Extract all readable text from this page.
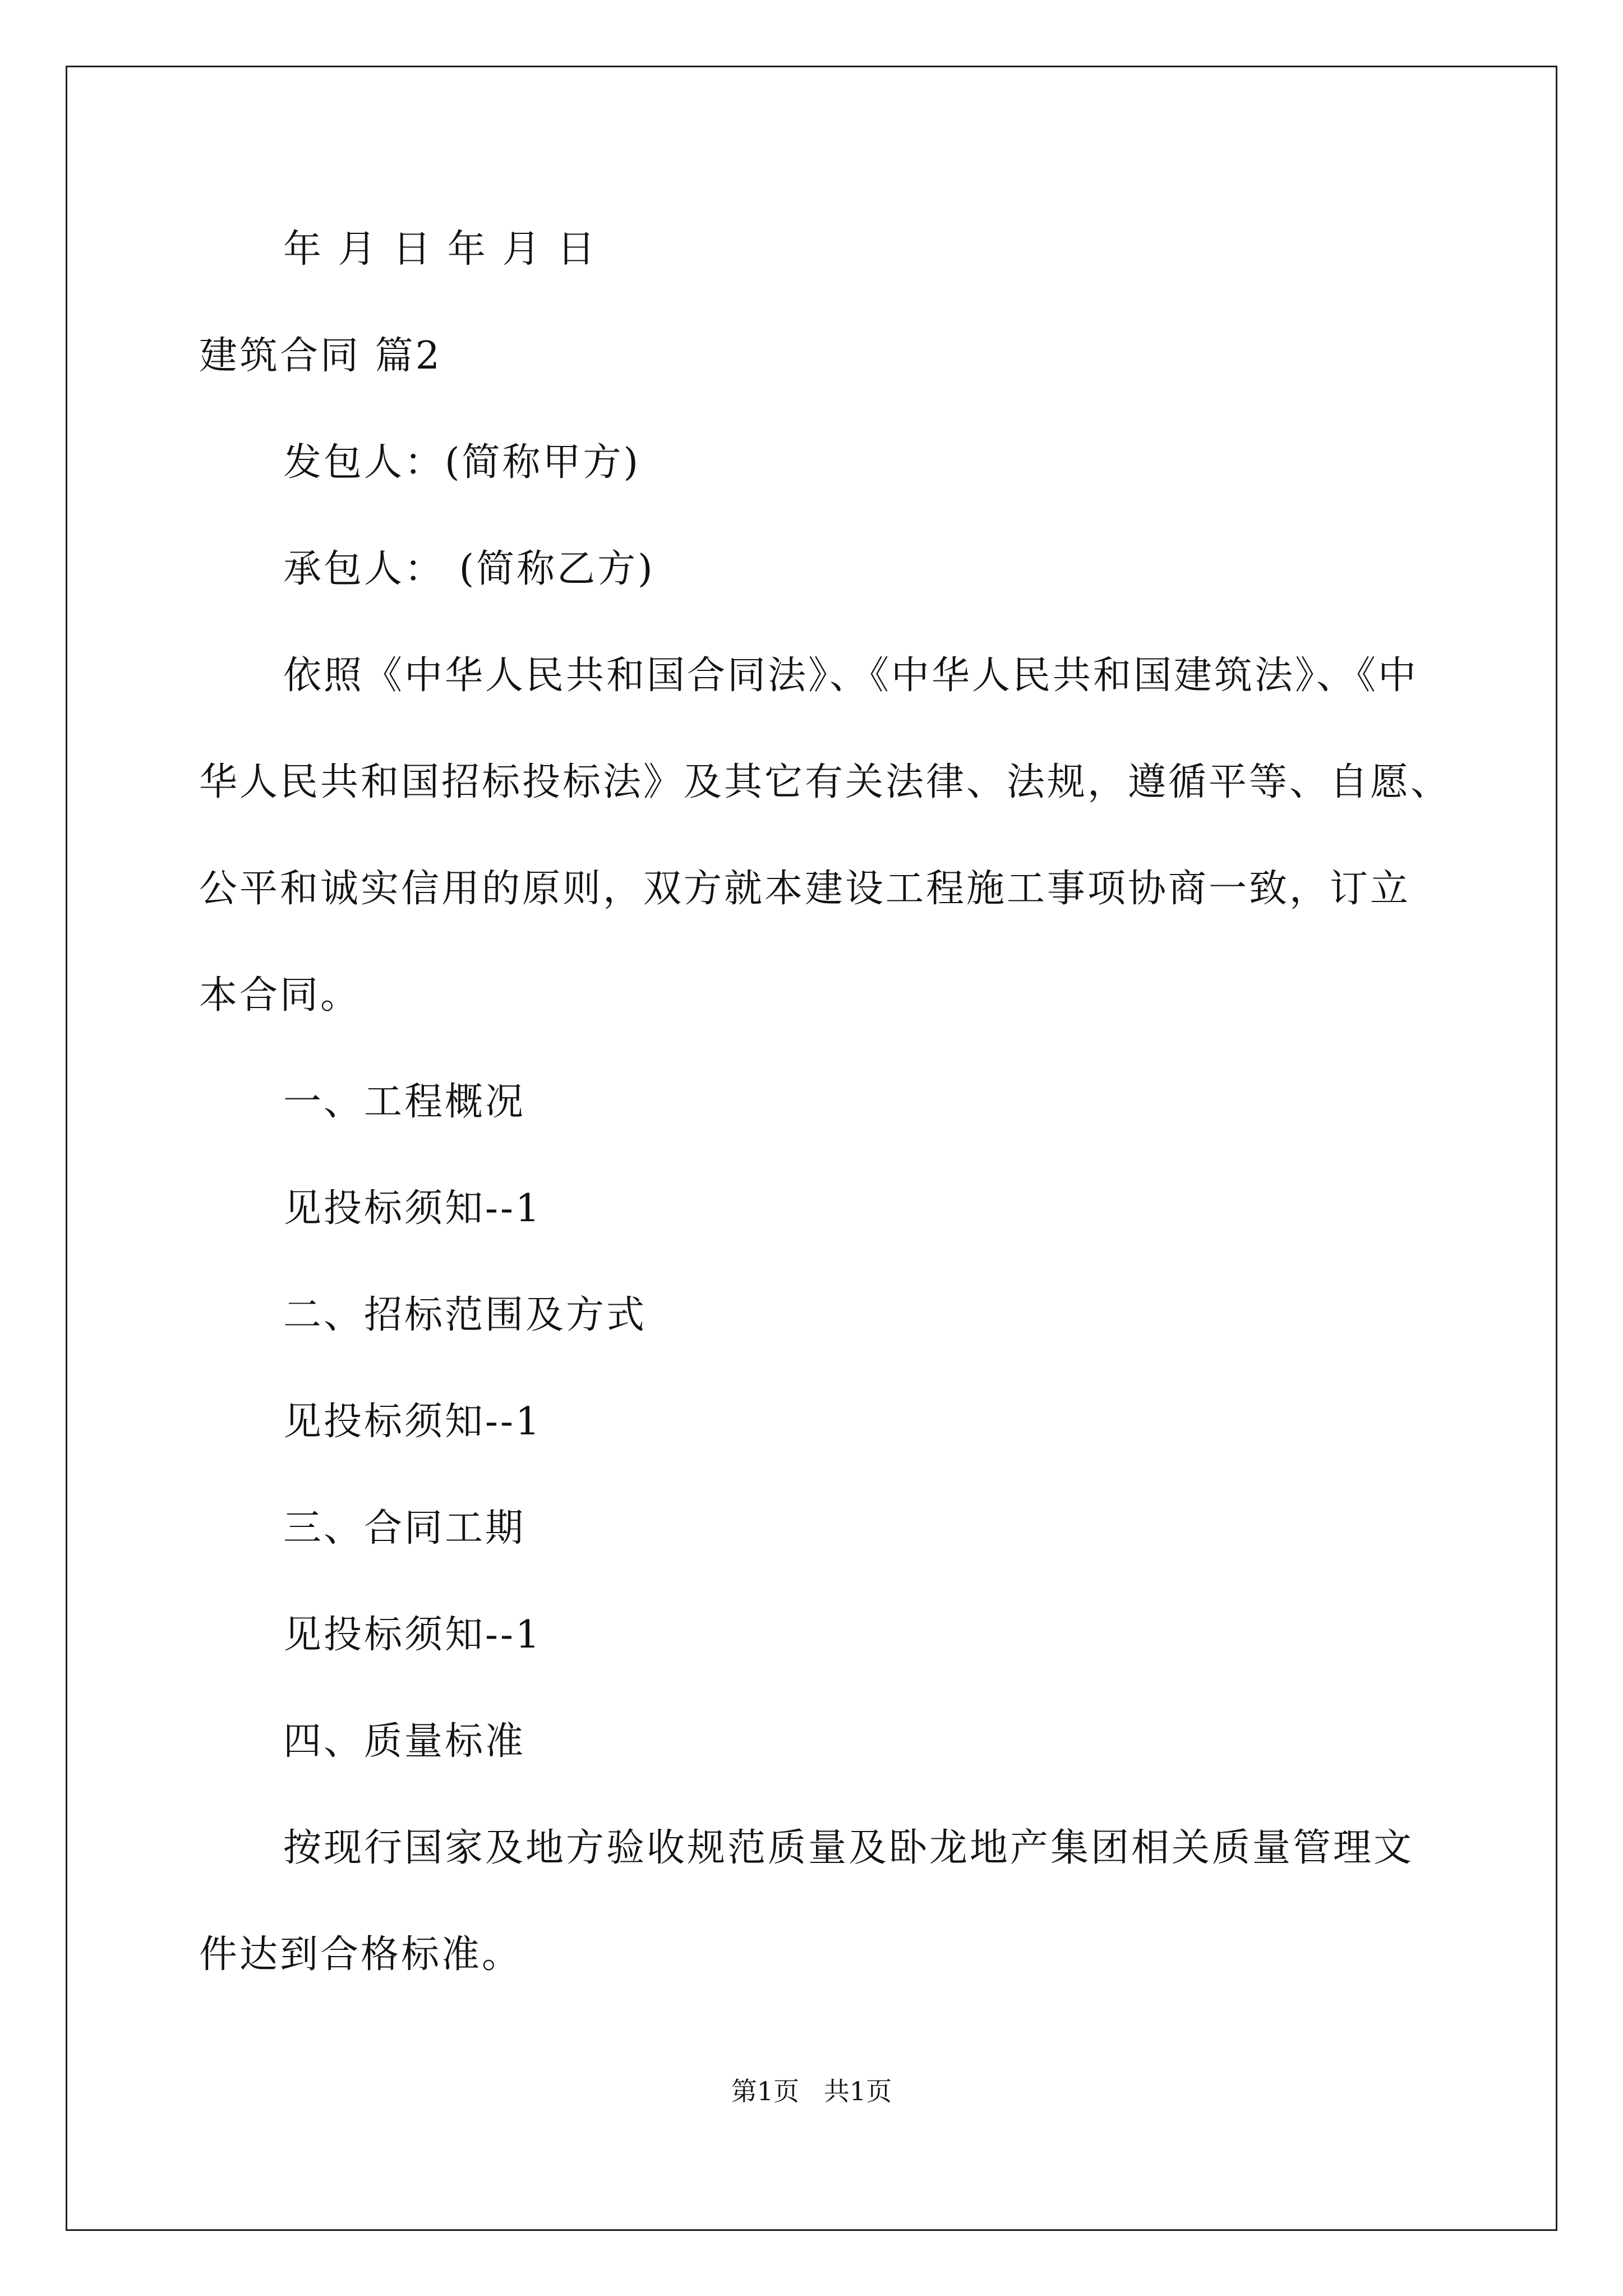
年 月 日 年 月 日
建筑合同 篇2
发包人：(简称甲方)
承包人： (简称乙方)
依照《中华人民共和国合同法》、《中华人民共和国建筑法》、《中
华人民共和国招标投标法》及其它有关法律、法规，遵循平等、自愿、
公平和诚实信用的原则，双方就本建设工程施工事项协商一致，订立
本合同。
一、工程概况
见投标须知--1
二、招标范围及方式
见投标须知--1
三、合同工期
见投标须知--1
四、质量标准
按现行国家及地方验收规范质量及卧龙地产集团相关质量管理文
件达到合格标准。
第1页   共1页
